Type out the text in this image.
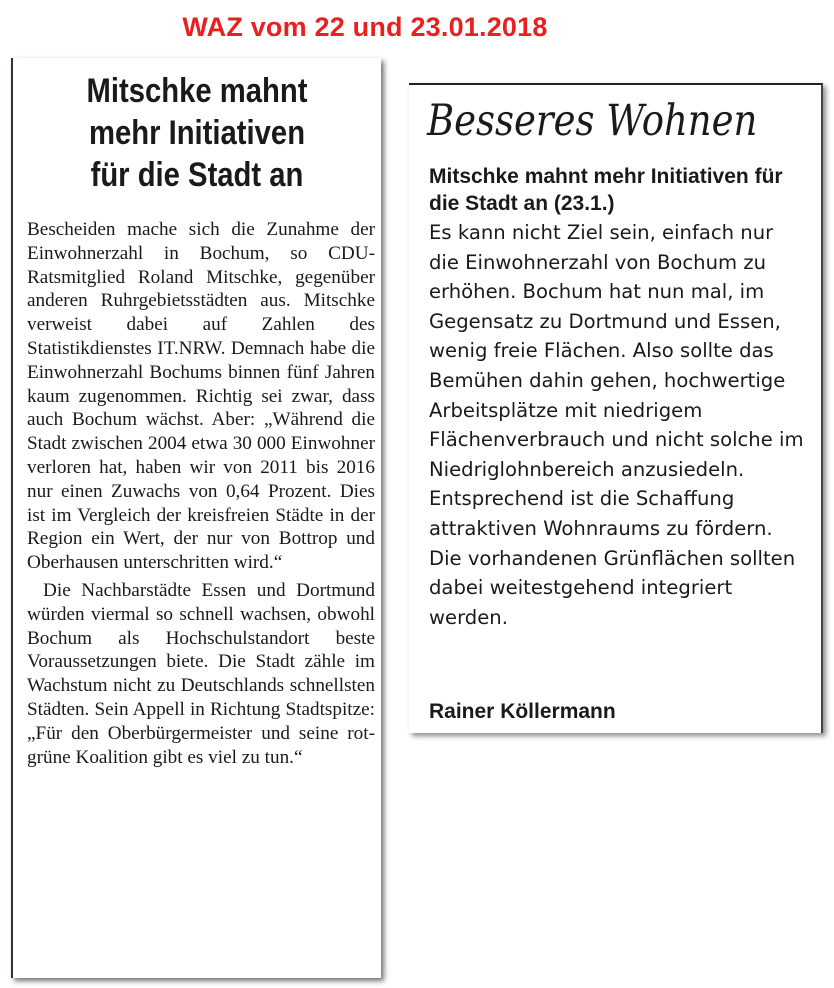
WAZ vom 22 und 23.01.2018
Mitschke mahnt
mehr Initiativen
für die Stadt an

Bescheiden mache sich die Zunahme der Einwohnerzahl in Bochum, so CDU-Ratsmitglied Roland Mitschke, gegenüber anderen Ruhrgebietsstädten aus. Mitschke verweist dabei auf Zahlen des Statistikdienstes IT.NRW. Demnach habe die Einwohnerzahl Bochums binnen fünf Jahren kaum zugenommen. Richtig sei zwar, dass auch Bochum wächst. Aber: „Während die Stadt zwischen 2004 etwa 30 000 Einwohner verloren hat, haben wir von 2011 bis 2016 nur einen Zuwachs von 0,64 Prozent. Dies ist im Vergleich der kreisfreien Städte in der Region ein Wert, der nur von Bottrop und Oberhausen unterschritten wird.“

Die Nachbarstädte Essen und Dortmund würden viermal so schnell wachsen, obwohl Bochum als Hochschulstandort beste Voraussetzungen biete. Die Stadt zähle im Wachstum nicht zu Deutschlands schnellsten Städten. Sein Appell in Richtung Stadtspitze: „Für den Oberbürgermeister und seine rot-grüne Koalition gibt es viel zu tun.“

Besseres Wohnen
Mitschke mahnt mehr Initiativen für die Stadt an (23.1.)

Es kann nicht Ziel sein, einfach nur die Einwohnerzahl von Bochum zu erhöhen. Bochum hat nun mal, im Gegensatz zu Dortmund und Essen, wenig freie Flächen. Also sollte das Bemühen dahin gehen, hochwertige Arbeitsplätze mit niedrigem Flächenverbrauch und nicht solche im Niedriglohnbereich anzusiedeln.

Entsprechend ist die Schaffung attraktiven Wohnraums zu fördern. Die vorhandenen Grünflächen sollten dabei weitestgehend integriert werden.

Rainer Köllermann
